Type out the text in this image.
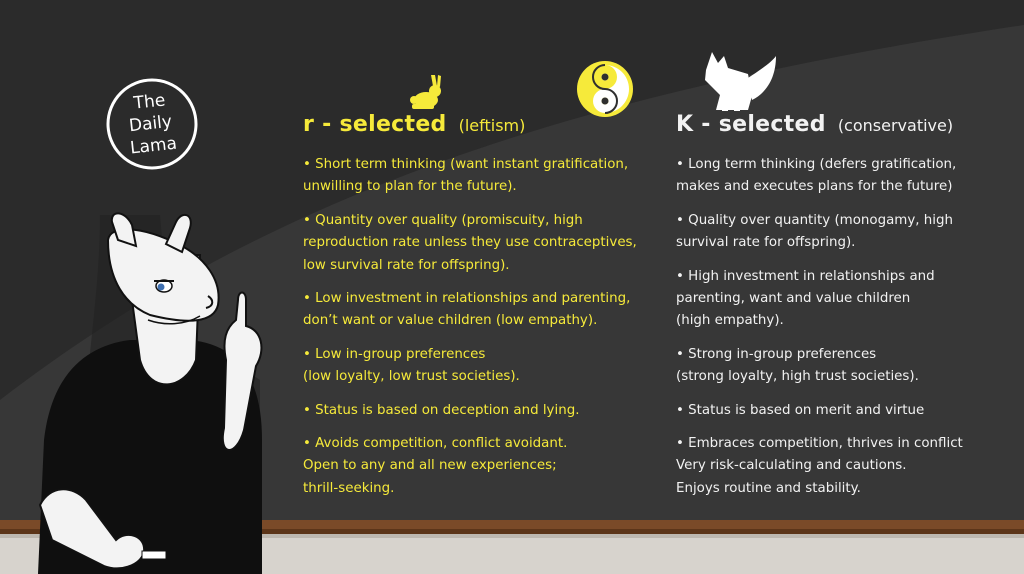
The
Daily
Lama
r - selected (leftism)
• Short term thinking (want instant gratification,
unwilling to plan for the future).
• Quantity over quality (promiscuity, high
reproduction rate unless they use contraceptives,
low survival rate for offspring).
• Low investment in relationships and parenting,
don’t want or value children (low empathy).
• Low in-group preferences
(low loyalty, low trust societies).
• Status is based on deception and lying.
• Avoids competition, conflict avoidant.
Open to any and all new experiences;
thrill-seeking.
K - selected (conservative)
• Long term thinking (defers gratification,
makes and executes plans for the future)
• Quality over quantity (monogamy, high
survival rate for offspring).
• High investment in relationships and
parenting, want and value children
(high empathy).
• Strong in-group preferences
(strong loyalty, high trust societies).
• Status is based on merit and virtue
• Embraces competition, thrives in conflict
Very risk-calculating and cautions.
Enjoys routine and stability.
